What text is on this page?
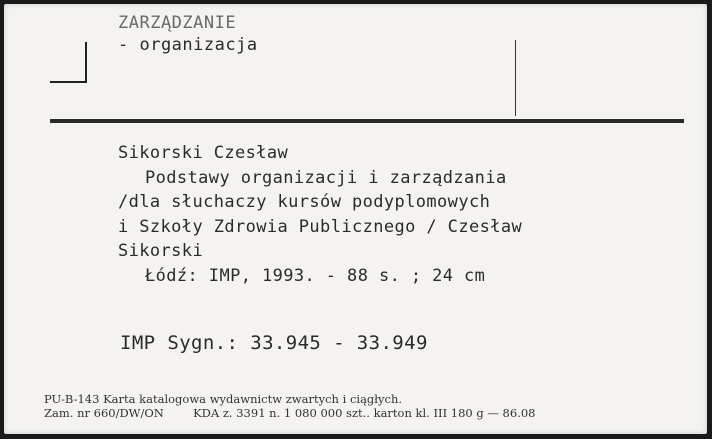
ZARZĄDZANIE
- organizacja
Sikorski Czesław
Podstawy organizacji i zarządzania
/dla słuchaczy kursów podyplomowych
i Szkoły Zdrowia Publicznego / Czesław
Sikorski
Łódź: IMP, 1993. - 88 s. ; 24 cm
IMP Sygn.: 33.945 - 33.949
PU-B-143 Karta katalogowa wydawnictw zwartych i ciągłych.
Zam. nr 660/DW/ON        KDA z. 3391 n. 1 080 000 szt.. karton kl. III 180 g — 86.08
